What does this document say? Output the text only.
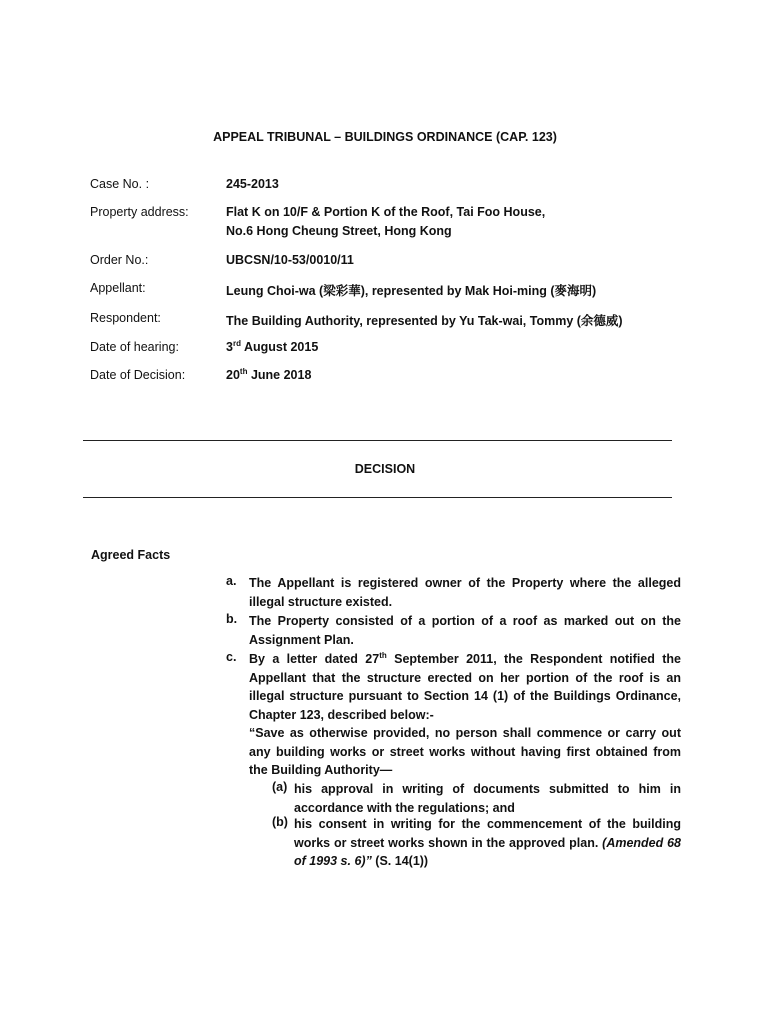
APPEAL TRIBUNAL – BUILDINGS ORDINANCE (CAP. 123)
Case No. :	245-2013
Property address:	Flat K on 10/F & Portion K of the Roof, Tai Foo House,
No.6 Hong Cheung Street, Hong Kong
Order No.:	UBCSN/10-53/0010/11
Appellant:	Leung Choi-wa (梁彩華), represented by Mak Hoi-ming (麥海明)
Respondent:	The Building Authority, represented by Yu Tak-wai, Tommy (余德威)
Date of hearing:	3rd August 2015
Date of Decision:	20th June 2018
DECISION
Agreed Facts
a. The Appellant is registered owner of the Property where the alleged illegal structure existed.
b. The Property consisted of a portion of a roof as marked out on the Assignment Plan.
c. By a letter dated 27th September 2011, the Respondent notified the Appellant that the structure erected on her portion of the roof is an illegal structure pursuant to Section 14 (1) of the Buildings Ordinance, Chapter 123, described below:-
“Save as otherwise provided, no person shall commence or carry out any building works or street works without having first obtained from the Building Authority—
(a) his approval in writing of documents submitted to him in accordance with the regulations; and
(b) his consent in writing for the commencement of the building works or street works shown in the approved plan. (Amended 68 of 1993 s. 6)” (S. 14(1))
